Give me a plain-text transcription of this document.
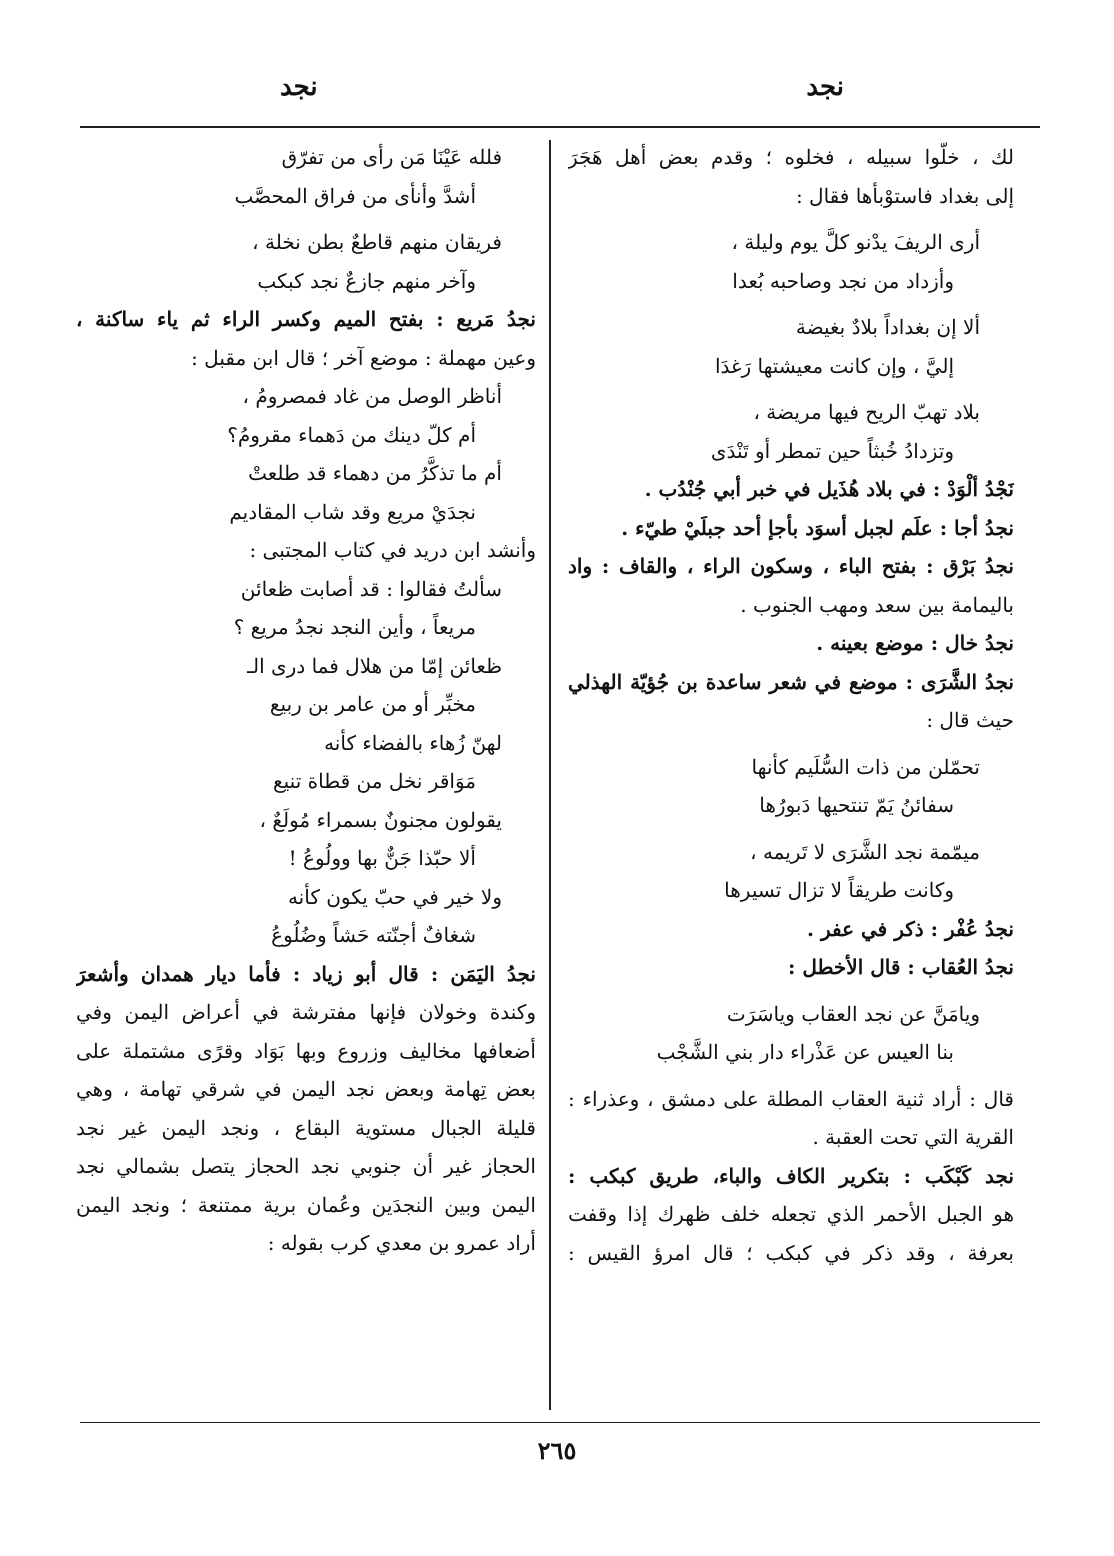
نجد
نجد
لك ، خلّوا سبيله ، فخلوه ؛ وقدم بعض أهل هَجَرَ
إلى بغداد فاستوْبأها فقال :
أرى الريفَ يدْنو كلَّ يوم وليلة ،
وأزداد من نجد وصاحبه بُعدا
ألا إن بغداداً بلادٌ بغيضة
إليَّ ، وإن كانت معيشتها رَغدَا
بلاد تهبّ الريح فيها مريضة ،
وتزدادُ خُبثاً حين تمطر أو تَنْدَى
نَجْدُ ألْوَدْ : في بلاد هُذَيل في خبر أبي جُنْدُب .
نجدُ أجا : علَم لجبل أسوَد بأجإ أحد جبلَيْ طيّء .
نجدُ بَرْق : بفتح الباء ، وسكون الراء ، والقاف : واد
باليمامة بين سعد ومهب الجنوب .
نجدُ خال : موضع بعينه .
نجدُ الشَّرَى : موضع في شعر ساعدة بن جُؤيّة الهذلي
حيث قال :
تحمّلن من ذات السُّلَيم كأنها
سفائنُ يَمّ تنتحيها دَبورُها
ميمّمة نجد الشَّرَى لا تَريمه ،
وكانت طريقاً لا تزال تسيرها
نجدُ عُفْر : ذكر في عفر .
نجدُ العُقاب : قال الأخطل :
ويامَنَّ عن نجد العقاب وياسَرَت
بنا العيس عن عَذْراء دار بني الشَّجْب
قال : أراد ثنية العقاب المطلة على دمشق ، وعذراء :
القرية التي تحت العقبة .
نجد كَبْكَب : بتكرير الكاف والباء، طريق كبكب :
هو الجبل الأحمر الذي تجعله خلف ظهرك إذا وقفت
بعرفة ، وقد ذكر في كبكب ؛ قال امرؤ القيس :
فلله عَيْنَا مَن رأى من تفرّق
أشدَّ وأنأى من فراق المحصَّب
فريقان منهم قاطعٌ بطن نخلة ،
وآخر منهم جازعٌ نجد كبكب
نجدُ مَريع : بفتح الميم وكسر الراء ثم ياء ساكنة ،
وعين مهملة : موضع آخر ؛ قال ابن مقبل :
أناظر الوصل من غاد فمصرومُ ،
أم كلّ دينك من دَهماء مقرومُ؟
أم ما تذكَّرُ من دهماء قد طلعتْ
نجدَيْ مريع وقد شاب المقاديم
وأنشد ابن دريد في كتاب المجتبى :
سألتُ فقالوا : قد أصابت ظعائن
مريعاً ، وأين النجد نجدُ مريع ؟
ظعائن إمّا من هلال فما درى الـ
مخبِّر أو من عامر بن ربيع
لهنّ زُهاء بالفضاء كأنه
مَوَاقر نخل من قطاة تنيع
يقولون مجنونٌ بسمراء مُولَعٌ ،
ألا حبّذا جَنٌّ بها وولُوعُ !
ولا خير في حبّ يكون كأنه
شغافٌ أجنّته حَشاً وضُلُوعُ
نجدُ اليَمَن : قال أبو زياد : فأما ديار همدان وأشعرَ
وكندة وخولان فإنها مفترشة في أعراض اليمن وفي
أضعافها مخاليف وزروع وبها بَوَاد وقرًى مشتملة على
بعض تِهامة وبعض نجد اليمن في شرقي تهامة ، وهي
قليلة الجبال مستوية البقاع ، ونجد اليمن غير نجد
الحجاز غير أن جنوبي نجد الحجاز يتصل بشمالي نجد
اليمن وبين النجدَين وعُمان برية ممتنعة ؛ ونجد اليمن
أراد عمرو بن معدي كرب بقوله :
٢٦٥
